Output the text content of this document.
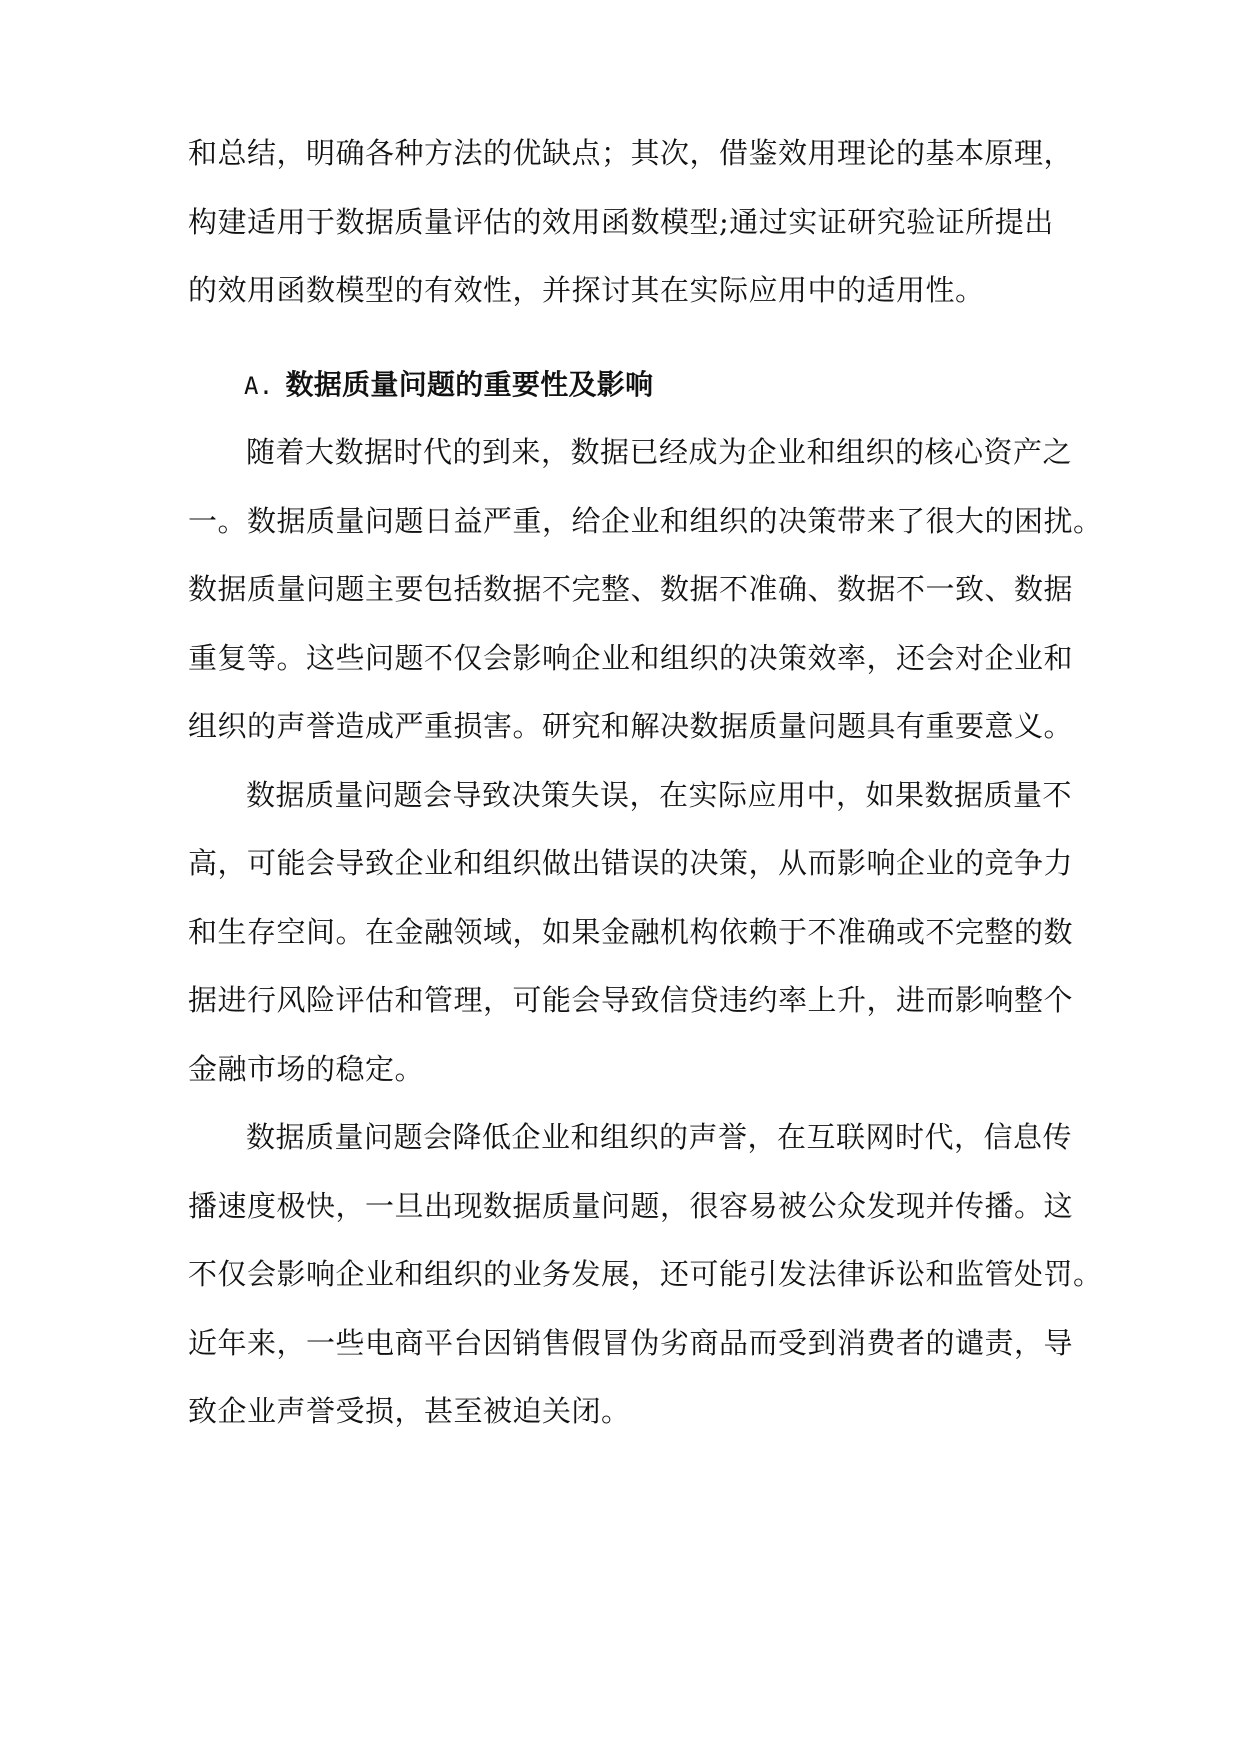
和总结，明确各种方法的优缺点；其次，借鉴效用理论的基本原理，
构建适用于数据质量评估的效用函数模型;通过实证研究验证所提出
的效用函数模型的有效性，并探讨其在实际应用中的适用性。
A. 数据质量问题的重要性及影响
随着大数据时代的到来，数据已经成为企业和组织的核心资产之
一。数据质量问题日益严重，给企业和组织的决策带来了很大的困扰。
数据质量问题主要包括数据不完整、数据不准确、数据不一致、数据
重复等。这些问题不仅会影响企业和组织的决策效率，还会对企业和
组织的声誉造成严重损害。研究和解决数据质量问题具有重要意义。
数据质量问题会导致决策失误，在实际应用中，如果数据质量不
高，可能会导致企业和组织做出错误的决策，从而影响企业的竞争力
和生存空间。在金融领域，如果金融机构依赖于不准确或不完整的数
据进行风险评估和管理，可能会导致信贷违约率上升，进而影响整个
金融市场的稳定。
数据质量问题会降低企业和组织的声誉，在互联网时代，信息传
播速度极快，一旦出现数据质量问题，很容易被公众发现并传播。这
不仅会影响企业和组织的业务发展，还可能引发法律诉讼和监管处罚。
近年来，一些电商平台因销售假冒伪劣商品而受到消费者的谴责，导
致企业声誉受损，甚至被迫关闭。
